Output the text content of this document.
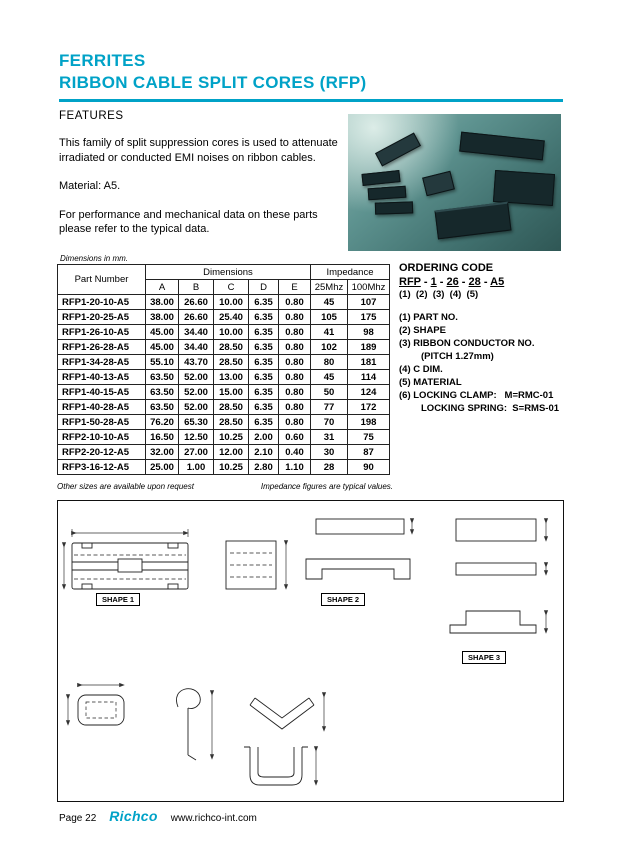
FERRITES
RIBBON CABLE SPLIT CORES (RFP)
FEATURES

This family of split suppression cores is used to attenuate irradiated or conducted EMI noises on ribbon cables.

Material: A5.

For performance and mechanical data on these parts please refer to the typical data.

Dimensions in mm.
Part Number	Dimensions					Impedance	
	A	B	C	D	E	25Mhz	100Mhz
RFP1-20-10-A5	38.00	26.60	10.00	6.35	0.80	45	107
RFP1-20-25-A5	38.00	26.60	25.40	6.35	0.80	105	175
RFP1-26-10-A5	45.00	34.40	10.00	6.35	0.80	41	98
RFP1-26-28-A5	45.00	34.40	28.50	6.35	0.80	102	189
RFP1-34-28-A5	55.10	43.70	28.50	6.35	0.80	80	181
RFP1-40-13-A5	63.50	52.00	13.00	6.35	0.80	45	114
RFP1-40-15-A5	63.50	52.00	15.00	6.35	0.80	50	124
RFP1-40-28-A5	63.50	52.00	28.50	6.35	0.80	77	172
RFP1-50-28-A5	76.20	65.30	28.50	6.35	0.80	70	198
RFP2-10-10-A5	16.50	12.50	10.25	2.00	0.60	31	75
RFP2-20-12-A5	32.00	27.00	12.00	2.10	0.40	30	87
RFP3-16-12-A5	25.00	1.00	10.25	2.80	1.10	28	90
Other sizes are available upon request	Impedance figures are typical values.
ORDERING CODE
RFP - 1 - 26 - 28 - A5
(1)  (2)  (3)  (4)  (5)
(1) PART NO.
(2) SHAPE
(3) RIBBON CONDUCTOR NO.
(PITCH 1.27mm)
(4) C DIM.
(5) MATERIAL
(6) LOCKING CLAMP:   M=RMC-01
LOCKING SPRING:  S=RMS-01
SHAPE 1	SHAPE 2
SHAPE 3
Page 22 Richco www.richco-int.com
